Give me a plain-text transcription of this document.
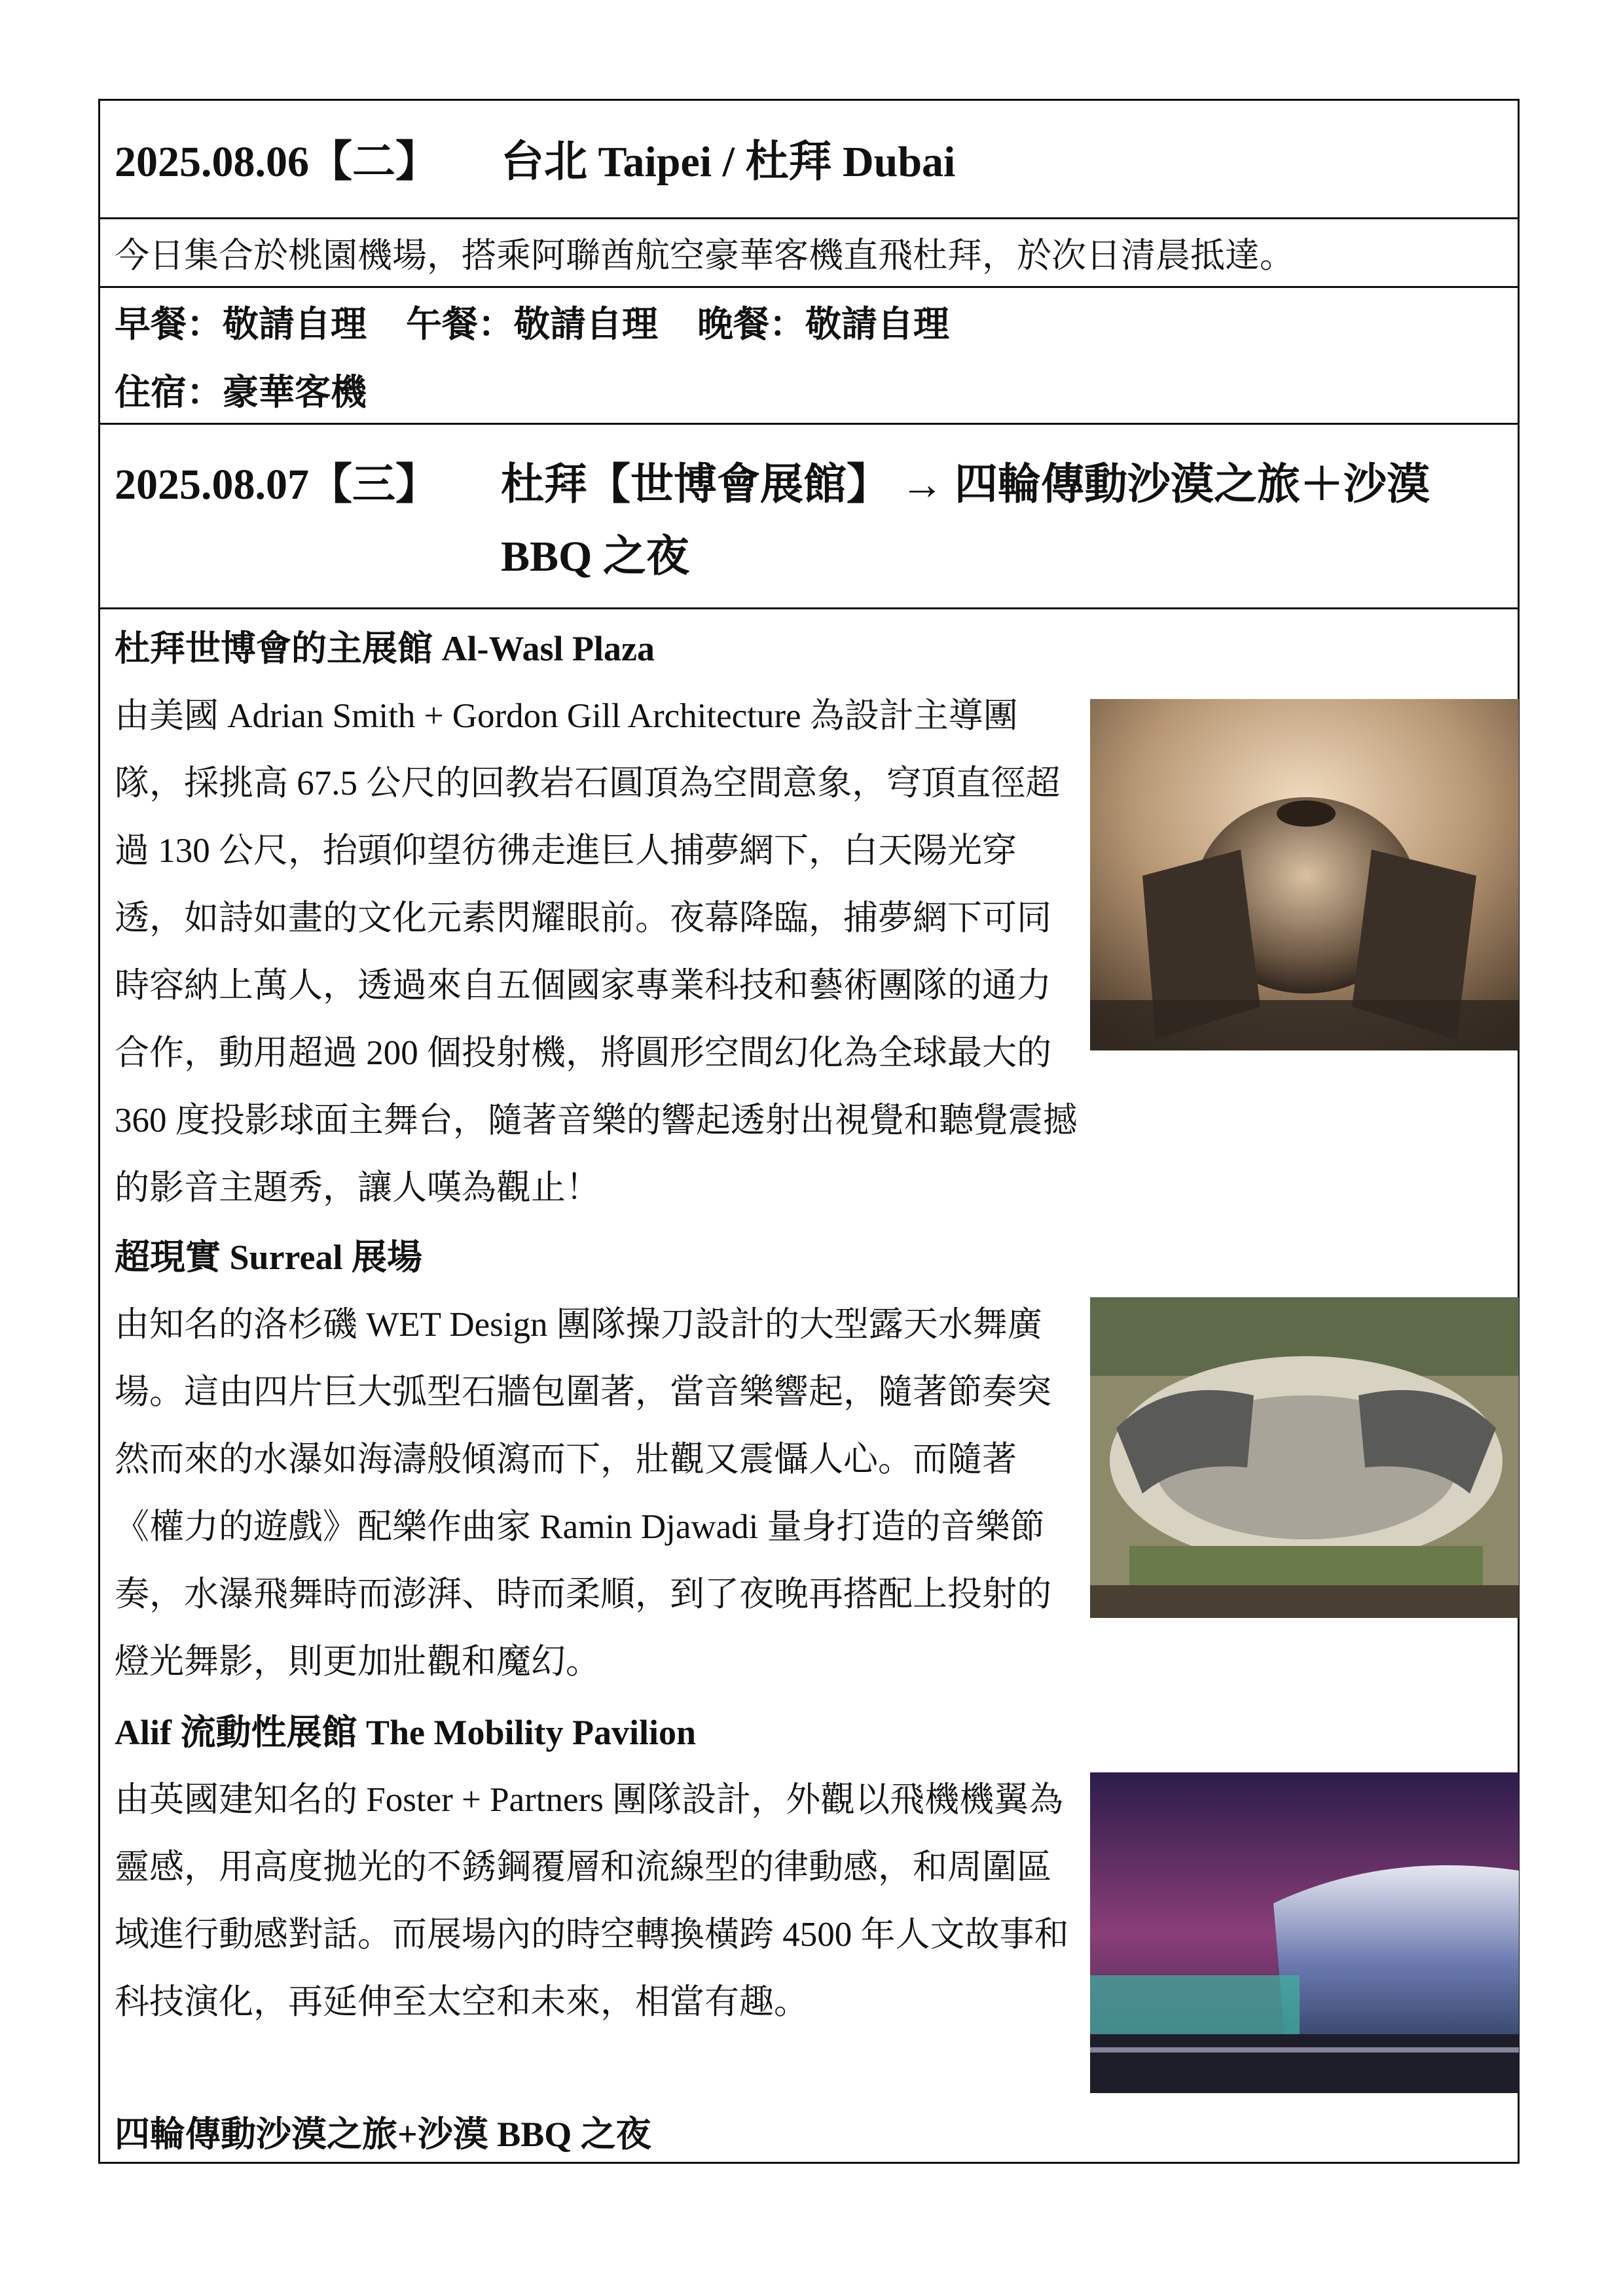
2025.08.06【二】 台北 Taipei / 杜拜 Dubai
今日集合於桃園機場，搭乘阿聯酋航空豪華客機直飛杜拜，於次日清晨抵達。
早餐：敬請自理 午餐：敬請自理 晚餐：敬請自理
住宿：豪華客機
2025.08.07【三】 杜拜【世博會展館】 → 四輪傳動沙漠之旅＋沙漠
BBQ 之夜
杜拜世博會的主展館 Al-Wasl Plaza
由美國 Adrian Smith + Gordon Gill Architecture 為設計主導團隊，採挑高 67.5 公尺的回教岩石圓頂為空間意象，穹頂直徑超過 130 公尺，抬頭仰望彷彿走進巨人捕夢網下，白天陽光穿透，如詩如畫的文化元素閃耀眼前。夜幕降臨，捕夢網下可同時容納上萬人，透過來自五個國家專業科技和藝術團隊的通力合作，動用超過 200 個投射機，將圓形空間幻化為全球最大的 360 度投影球面主舞台，隨著音樂的響起透射出視覺和聽覺震撼的影音主題秀，讓人嘆為觀止！
超現實 Surreal 展場
由知名的洛杉磯 WET Design 團隊操刀設計的大型露天水舞廣場。這由四片巨大弧型石牆包圍著，當音樂響起，隨著節奏突然而來的水瀑如海濤般傾瀉而下，壯觀又震懾人心。而隨著《權力的遊戲》配樂作曲家 Ramin Djawadi 量身打造的音樂節奏，水瀑飛舞時而澎湃、時而柔順，到了夜晚再搭配上投射的燈光舞影，則更加壯觀和魔幻。
Alif 流動性展館 The Mobility Pavilion
由英國建知名的 Foster + Partners 團隊設計，外觀以飛機機翼為靈感，用高度拋光的不銹鋼覆層和流線型的律動感，和周圍區域進行動感對話。而展場內的時空轉換橫跨 4500 年人文故事和科技演化，再延伸至太空和未來，相當有趣。
四輪傳動沙漠之旅+沙漠 BBQ 之夜
